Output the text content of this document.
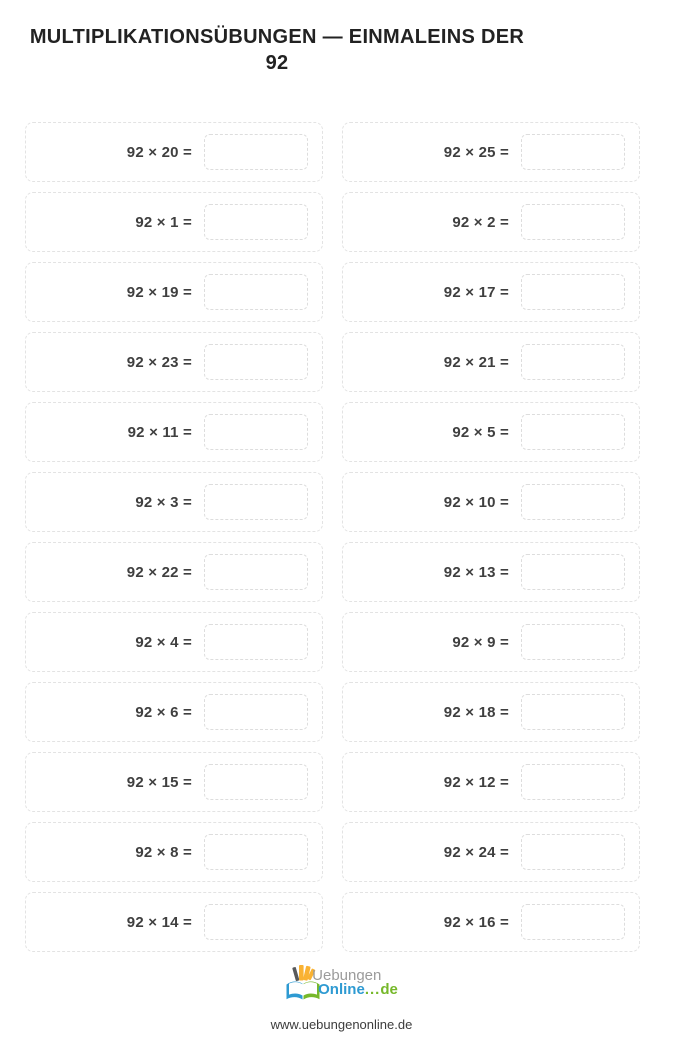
MULTIPLIKATIONSÜBUNGEN — EINMALEINS DER
92
92 × 20 =
92 × 1 =
92 × 19 =
92 × 23 =
92 × 11 =
92 × 3 =
92 × 22 =
92 × 4 =
92 × 6 =
92 × 15 =
92 × 8 =
92 × 14 =
92 × 25 =
92 × 2 =
92 × 17 =
92 × 21 =
92 × 5 =
92 × 10 =
92 × 13 =
92 × 9 =
92 × 18 =
92 × 12 =
92 × 24 =
92 × 16 =
Uebungen
Online...de
www.uebungenonline.de
